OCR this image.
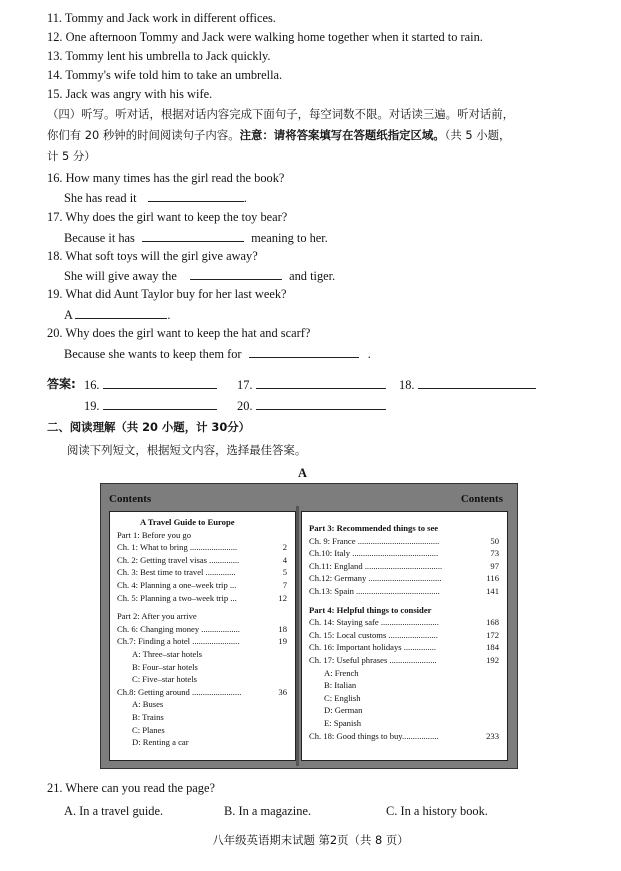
11. Tommy and Jack work in different offices.
12. One afternoon Tommy and Jack were walking home together when it started to rain.
13. Tommy lent his umbrella to Jack quickly.
14. Tommy's wife told him to take an umbrella.
15. Jack was angry with his wife.
（四）听写。听对话，根据对话内容完成下面句子，每空词数不限。对话读三遍。听对话前，
你们有 20 秒钟的时间阅读句子内容。注意：请将答案填写在答题纸指定区域。（共 5 小题，
计 5 分）
16. How many times has the girl read the book?
She has read it	.
17. Why does the girl want to keep the toy bear?
Because it has	meaning to her.
18. What soft toys will the girl give away?
She will give away the	and tiger.
19. What did Aunt Taylor buy for her last week?
A	.
20. Why does the girl want to keep the hat and scarf?
Because she wants to keep them for	.
答案: 16.	17.	18.
19.	20.
二、阅读理解（共 20 小题，计 30分）
阅读下列短文，根据短文内容，选择最佳答案。
A
Contents	Contents
A Travel Guide to Europe
Part 1: Before you go
Ch. 1: What to bring ......................	2
Ch. 2: Getting travel visas ..............	4
Ch. 3: Best time to travel ..............	5
Ch. 4: Planning a one–week trip ...	7
Ch. 5: Planning a two–week trip ...	12
Part 2: After you arrive
Ch. 6: Changing money ..................	18
Ch.7: Finding a hotel ......................	19
A: Three–star hotels
B: Four–star hotels
C: Five–star hotels
Ch.8: Getting around .......................	36
A: Buses
B: Trains
C: Planes
D: Renting a car
Part 3: Recommended things to see
Ch. 9: France ......................................	50
Ch.10: Italy ........................................	73
Ch.11: England ....................................	97
Ch.12: Germany ..................................	116
Ch.13: Spain .......................................	141
Part 4: Helpful things to consider
Ch. 14: Staying safe ...........................	168
Ch. 15: Local customs .......................	172
Ch. 16: Important holidays ...............	184
Ch. 17: Useful phrases ......................	192
A: French
B: Italian
C: English
D: German
E: Spanish
Ch. 18: Good things to buy.................	233
21. Where can you read the page?
A. In a travel guide.	B. In a magazine.	C. In a history book.
八年级英语期末试题 第2页（共 8 页）
